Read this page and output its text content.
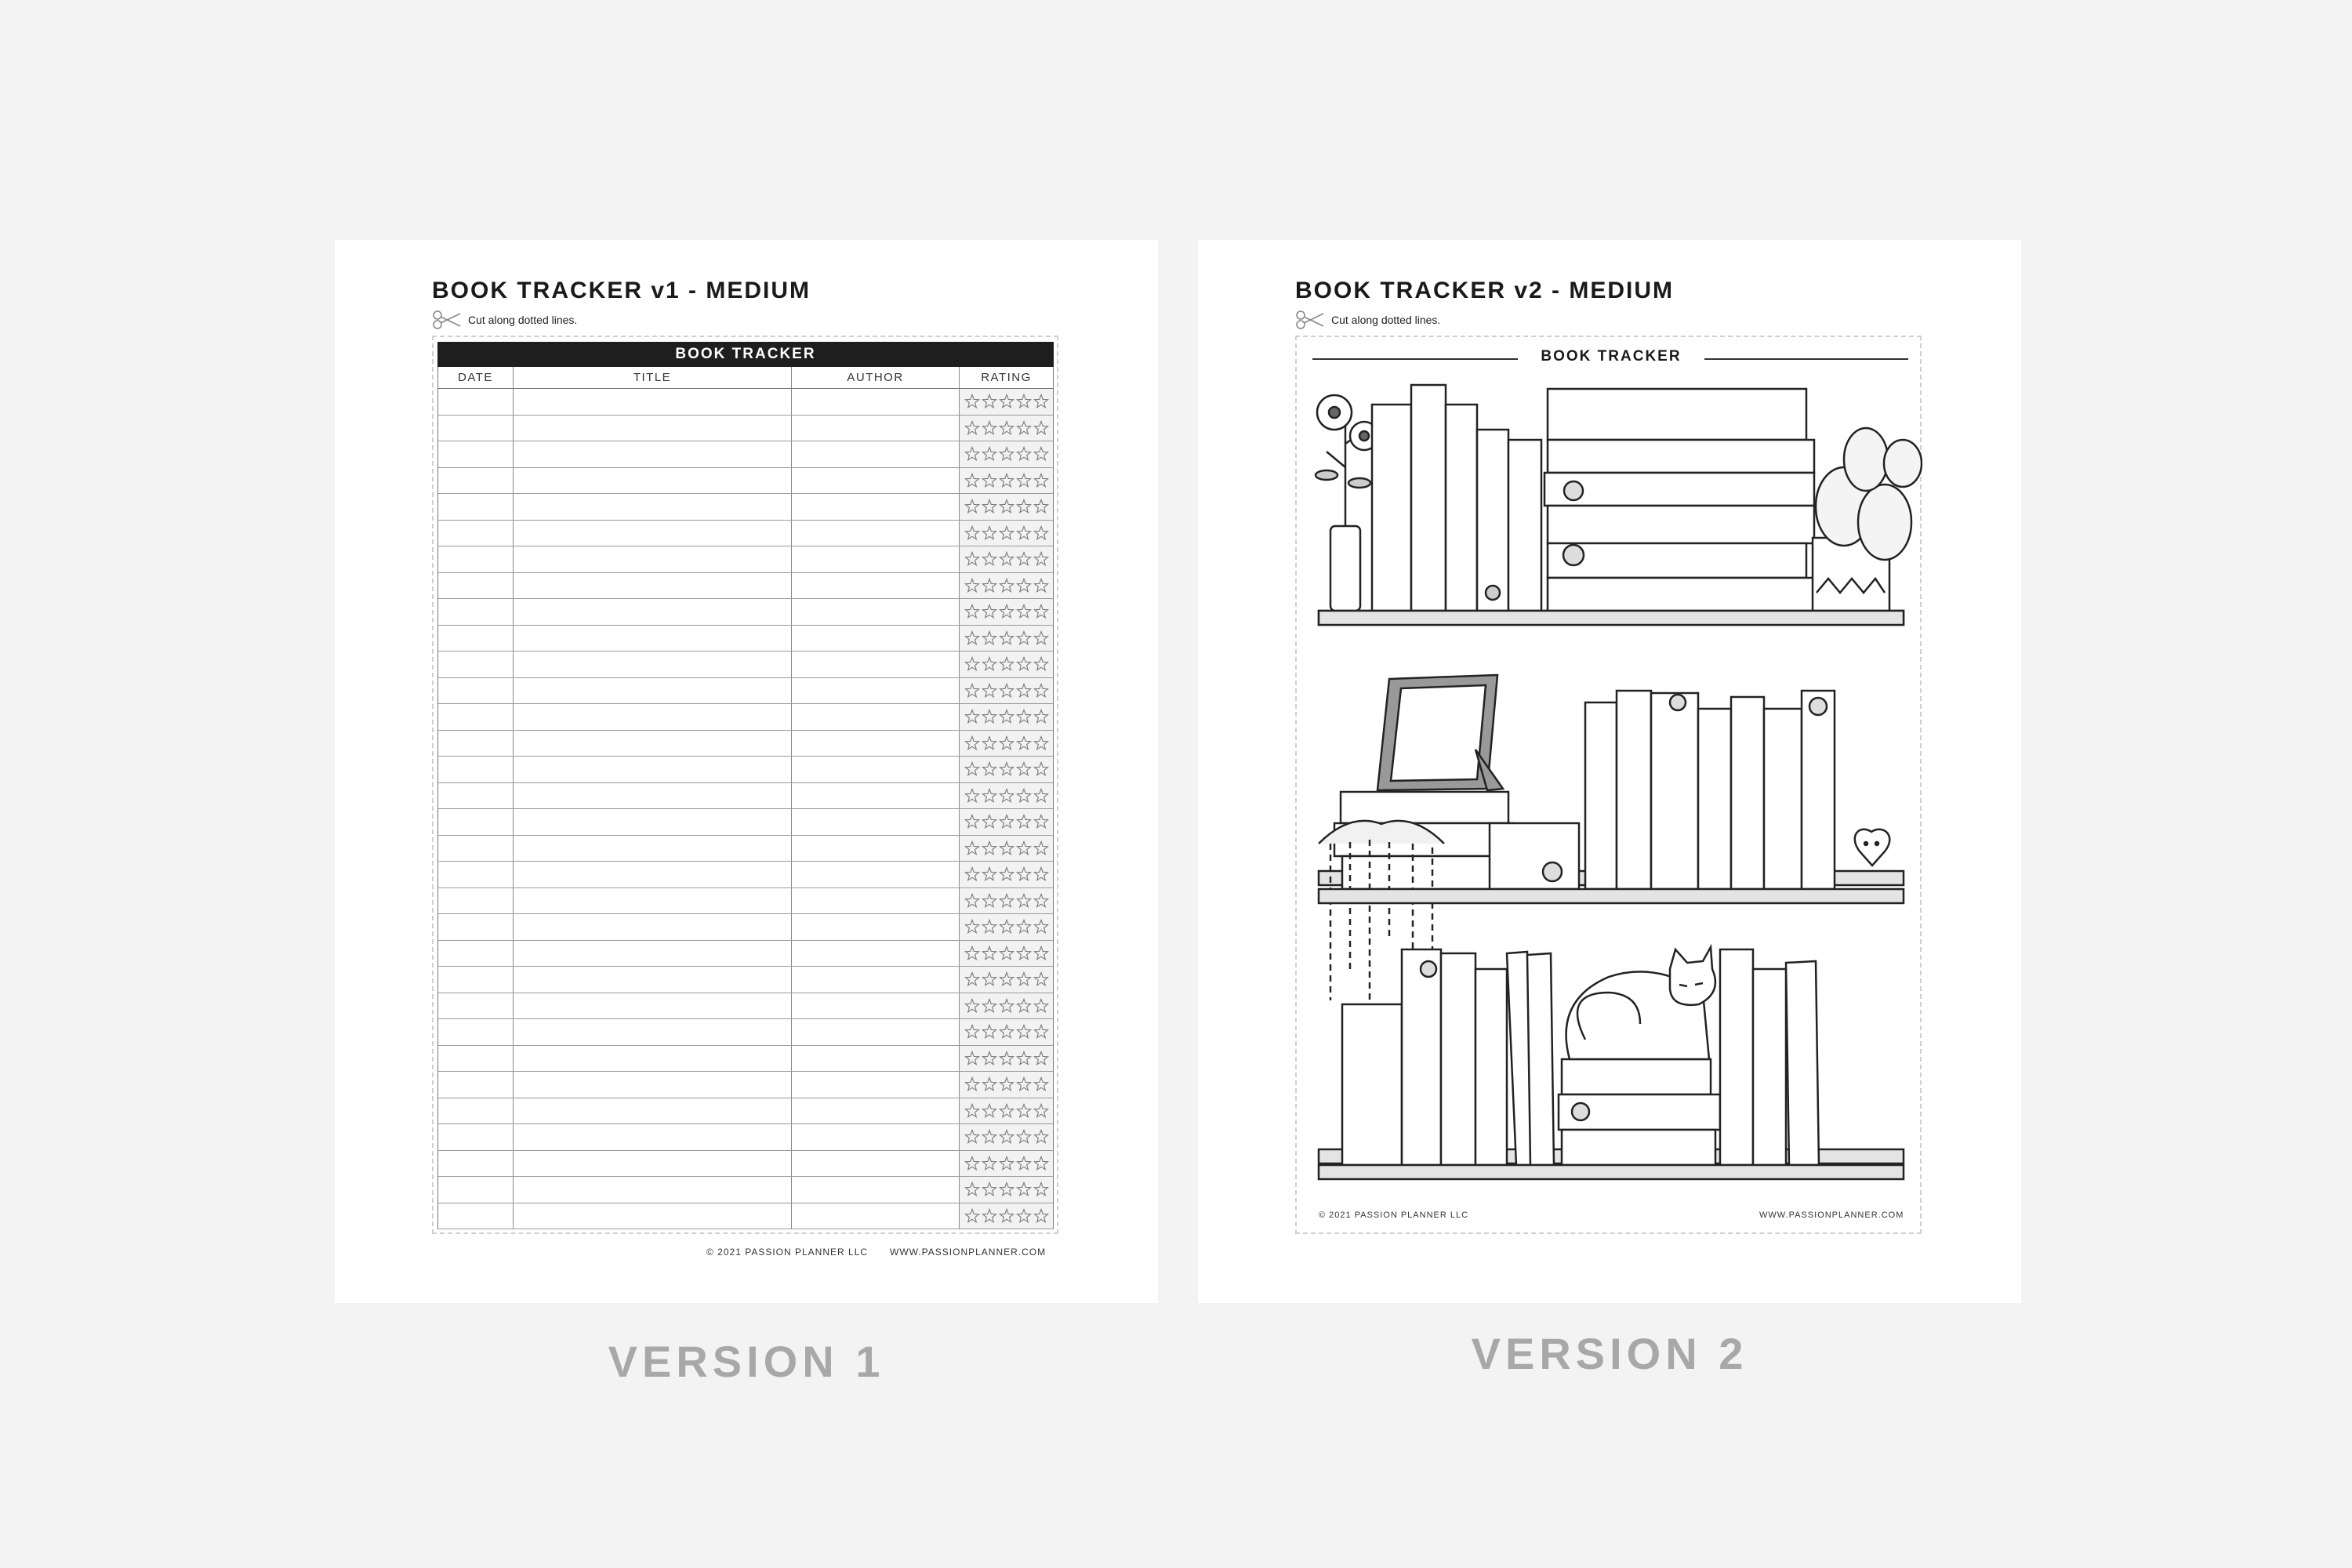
BOOK TRACKER v1 - MEDIUM
Cut along dotted lines.
BOOK TRACKER
DATE	TITLE	AUTHOR	RATING
© 2021 PASSION PLANNER LLC WWW.PASSIONPLANNER.COM
VERSION 1
BOOK TRACKER v2 - MEDIUM
Cut along dotted lines.
BOOK TRACKER
© 2021 PASSION PLANNER LLC	WWW.PASSIONPLANNER.COM
VERSION 2
